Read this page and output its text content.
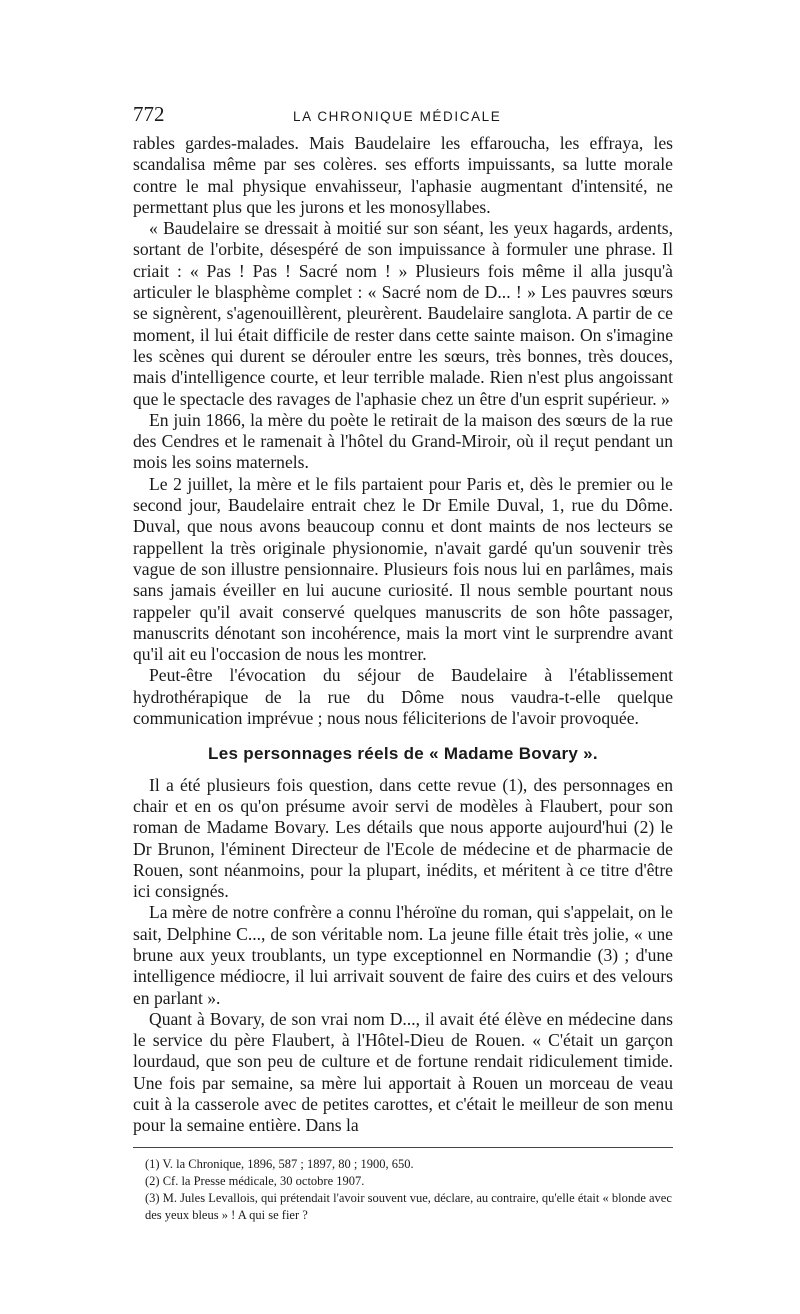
772	LA CHRONIQUE MÉDICALE

rables gardes-malades. Mais Baudelaire les effarouchа, les effraya, les scandalisa même par ses colères. ses efforts impuissants, sa lutte morale contre le mal physique envahisseur, l'aphasie augmentant d'intensité, ne permettant plus que les jurons et les monosyllabes.

« Baudelaire se dressait à moitié sur son séant, les yeux hagards, ardents, sortant de l'orbite, désespéré de son impuissance à formuler une phrase. Il criait : « Pas ! Pas ! Sacré nom ! » Plusieurs fois même il alla jusqu'à articuler le blasphème complet : « Sacré nom de D... ! » Les pauvres sœurs se signèrent, s'agenouillèrent, pleurèrent. Baudelaire sanglota. A partir de ce moment, il lui était difficile de rester dans cette sainte maison. On s'imagine les scènes qui durent se dérouler entre les sœurs, très bonnes, très douces, mais d'intelligence courte, et leur terrible malade. Rien n'est plus angoissant que le spectacle des ravages de l'aphasie chez un être d'un esprit supérieur. »

En juin 1866, la mère du poète le retirait de la maison des sœurs de la rue des Cendres et le ramenait à l'hôtel du Grand-Miroir, où il reçut pendant un mois les soins maternels.

Le 2 juillet, la mère et le fils partaient pour Paris et, dès le premier ou le second jour, Baudelaire entrait chez le Dr Emile Duval, 1, rue du Dôme. Duval, que nous avons beaucoup connu et dont maints de nos lecteurs se rappellent la très originale physionomie, n'avait gardé qu'un souvenir très vague de son illustre pensionnaire. Plusieurs fois nous lui en parlâmes, mais sans jamais éveiller en lui aucune curiosité. Il nous semble pourtant nous rappeler qu'il avait conservé quelques manuscrits de son hôte passager, manuscrits dénotant son incohérence, mais la mort vint le surprendre avant qu'il ait eu l'occasion de nous les montrer.

Peut-être l'évocation du séjour de Baudelaire à l'établissement hydrothérapique de la rue du Dôme nous vaudra-t-elle quelque communication imprévue ; nous nous féliciterions de l'avoir provoquée.

Les personnages réels de « Madame Bovary ».

Il a été plusieurs fois question, dans cette revue (1), des personnages en chair et en os qu'on présume avoir servi de modèles à Flaubert, pour son roman de Madame Bovary. Les détails que nous apporte aujourd'hui (2) le Dr Brunon, l'éminent Directeur de l'Ecole de médecine et de pharmacie de Rouen, sont néanmoins, pour la plupart, inédits, et méritent à ce titre d'être ici consignés.

La mère de notre confrère a connu l'héroïne du roman, qui s'appelait, on le sait, Delphine C..., de son véritable nom. La jeune fille était très jolie, « une brune aux yeux troublants, un type exceptionnel en Normandie (3) ; d'une intelligence médiocre, il lui arrivait souvent de faire des cuirs et des velours en parlant ».

Quant à Bovary, de son vrai nom D..., il avait été élève en médecine dans le service du père Flaubert, à l'Hôtel-Dieu de Rouen. « C'était un garçon lourdaud, que son peu de culture et de fortune rendait ridiculement timide. Une fois par semaine, sa mère lui apportait à Rouen un morceau de veau cuit à la casserole avec de petites carottes, et c'était le meilleur de son menu pour la semaine entière. Dans la

(1) V. la Chronique, 1896, 587 ; 1897, 80 ; 1900, 650.

(2) Cf. la Presse médicale, 30 octobre 1907.

(3) M. Jules Levallois, qui prétendait l'avoir souvent vue, déclare, au contraire, qu'elle était « blonde avec des yeux bleus » ! A qui se fier ?
